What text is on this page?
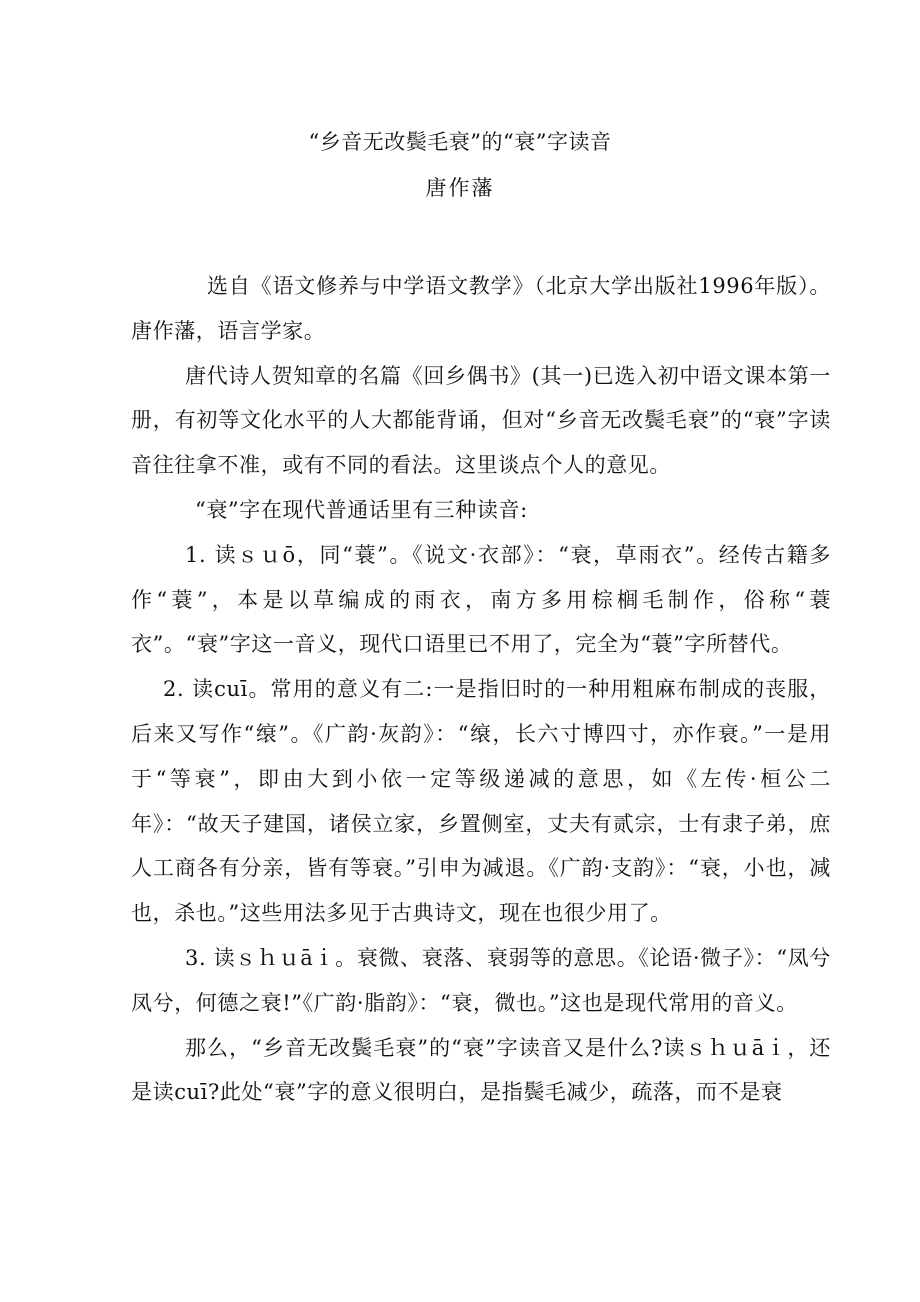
“乡音无改鬓毛衰”的“衰”字读音
唐作藩

选自《语文修养与中学语文教学》（北京大学出版社1996年版）。唐作藩，语言学家。

唐代诗人贺知章的名篇《回乡偶书》(其一)已选入初中语文课本第一册，有初等文化水平的人大都能背诵，但对“乡音无改鬓毛衰”的“衰”字读音往往拿不准，或有不同的看法。这里谈点个人的意见。

“衰”字在现代普通话里有三种读音:

1. 读ｓｕō，同“蓑”。《说文·衣部》：“衰，草雨衣”。经传古籍多作“蓑”，本是以草编成的雨衣，南方多用棕榈毛制作，俗称“蓑衣”。“衰”字这一音义，现代口语里已不用了，完全为“蓑”字所替代。

2. 读cuī。常用的意义有二:一是指旧时的一种用粗麻布制成的丧服，后来又写作“缞”。《广韵·灰韵》：“缞，长六寸博四寸，亦作衰。”一是用于“等衰”，即由大到小依一定等级递减的意思，如《左传·桓公二年》：“故天子建国，诸侯立家，乡置侧室，丈夫有贰宗，士有隶子弟，庶人工商各有分亲，皆有等衰。”引申为减退。《广韵·支韵》：“衰，小也，减也，杀也。”这些用法多见于古典诗文，现在也很少用了。

3. 读ｓｈｕāｉ。衰微、衰落、衰弱等的意思。《论语·微子》：“凤兮凤兮，何德之衰!”《广韵·脂韵》：“衰，微也。”这也是现代常用的音义。

那么，“乡音无改鬓毛衰”的“衰”字读音又是什么?读ｓｈｕāｉ，还是读cuī?此处“衰”字的意义很明白，是指鬓毛减少，疏落，而不是衰
